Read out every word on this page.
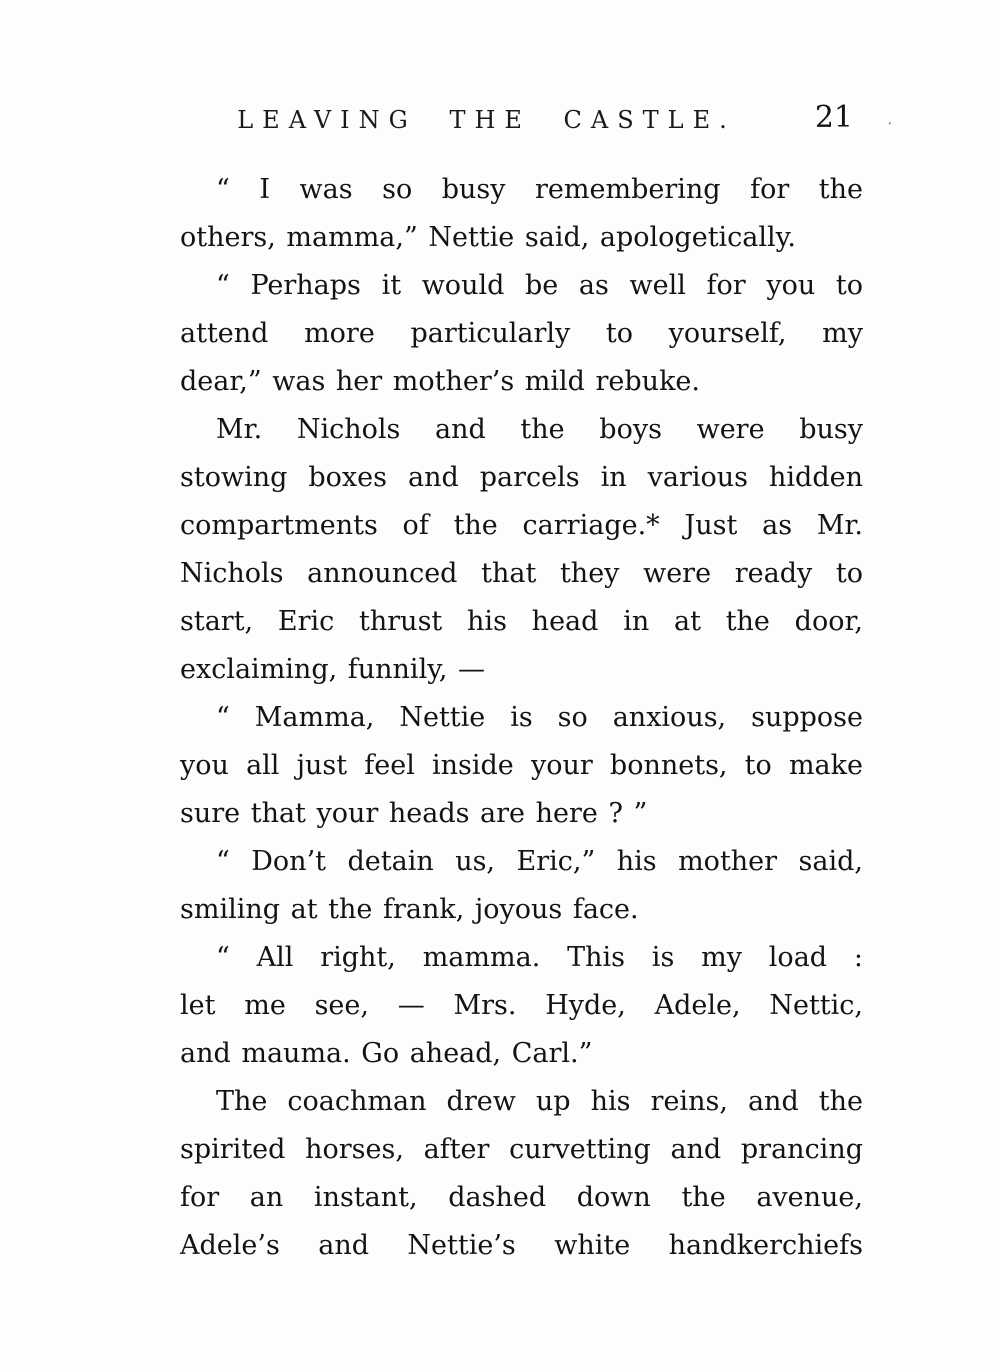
LEAVING THE CASTLE.	21 .
“ I was so busy remembering for the
others, mamma,” Nettie said, apologetically.
“ Perhaps it would be as well for you to
attend more particularly to yourself, my
dear,” was her mother’s mild rebuke.
Mr. Nichols and the boys were busy
stowing boxes and parcels in various hidden
compartments of the carriage.* Just as Mr.
Nichols announced that they were ready to
start, Eric thrust his head in at the door,
exclaiming, funnily, —
“ Mamma, Nettie is so anxious, suppose
you all just feel inside your bonnets, to make
sure that your heads are here ? ”
“ Don’t detain us, Eric,” his mother said,
smiling at the frank, joyous face.
“ All right, mamma. This is my load :
let me see, — Mrs. Hyde, Adele, Nettic,
and mauma. Go ahead, Carl.”
The coachman drew up his reins, and the
spirited horses, after curvetting and prancing
for an instant, dashed down the avenue,
Adele’s and Nettie’s white handkerchiefs
